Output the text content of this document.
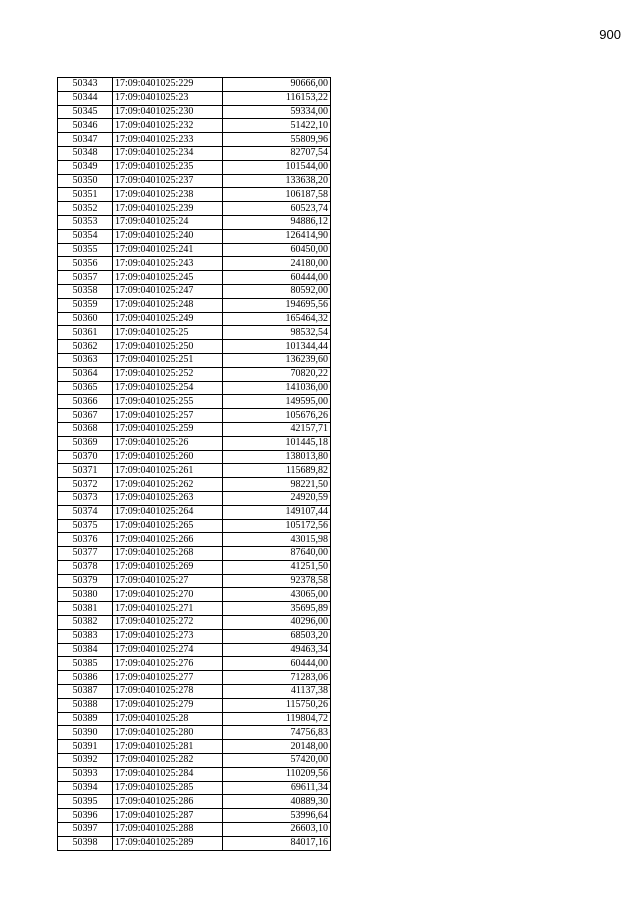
900
50343	17:09:0401025:229	90666,00
50344	17:09:0401025:23	116153,22
50345	17:09:0401025:230	59334,00
50346	17:09:0401025:232	51422,10
50347	17:09:0401025:233	55809,96
50348	17:09:0401025:234	82707,54
50349	17:09:0401025:235	101544,00
50350	17:09:0401025:237	133638,20
50351	17:09:0401025:238	106187,58
50352	17:09:0401025:239	60523,74
50353	17:09:0401025:24	94886,12
50354	17:09:0401025:240	126414,90
50355	17:09:0401025:241	60450,00
50356	17:09:0401025:243	24180,00
50357	17:09:0401025:245	60444,00
50358	17:09:0401025:247	80592,00
50359	17:09:0401025:248	194695,56
50360	17:09:0401025:249	165464,32
50361	17:09:0401025:25	98532,54
50362	17:09:0401025:250	101344,44
50363	17:09:0401025:251	136239,60
50364	17:09:0401025:252	70820,22
50365	17:09:0401025:254	141036,00
50366	17:09:0401025:255	149595,00
50367	17:09:0401025:257	105676,26
50368	17:09:0401025:259	42157,71
50369	17:09:0401025:26	101445,18
50370	17:09:0401025:260	138013,80
50371	17:09:0401025:261	115689,82
50372	17:09:0401025:262	98221,50
50373	17:09:0401025:263	24920,59
50374	17:09:0401025:264	149107,44
50375	17:09:0401025:265	105172,56
50376	17:09:0401025:266	43015,98
50377	17:09:0401025:268	87640,00
50378	17:09:0401025:269	41251,50
50379	17:09:0401025:27	92378,58
50380	17:09:0401025:270	43065,00
50381	17:09:0401025:271	35695,89
50382	17:09:0401025:272	40296,00
50383	17:09:0401025:273	68503,20
50384	17:09:0401025:274	49463,34
50385	17:09:0401025:276	60444,00
50386	17:09:0401025:277	71283,06
50387	17:09:0401025:278	41137,38
50388	17:09:0401025:279	115750,26
50389	17:09:0401025:28	119804,72
50390	17:09:0401025:280	74756,83
50391	17:09:0401025:281	20148,00
50392	17:09:0401025:282	57420,00
50393	17:09:0401025:284	110209,56
50394	17:09:0401025:285	69611,34
50395	17:09:0401025:286	40889,30
50396	17:09:0401025:287	53996,64
50397	17:09:0401025:288	26603,10
50398	17:09:0401025:289	84017,16
